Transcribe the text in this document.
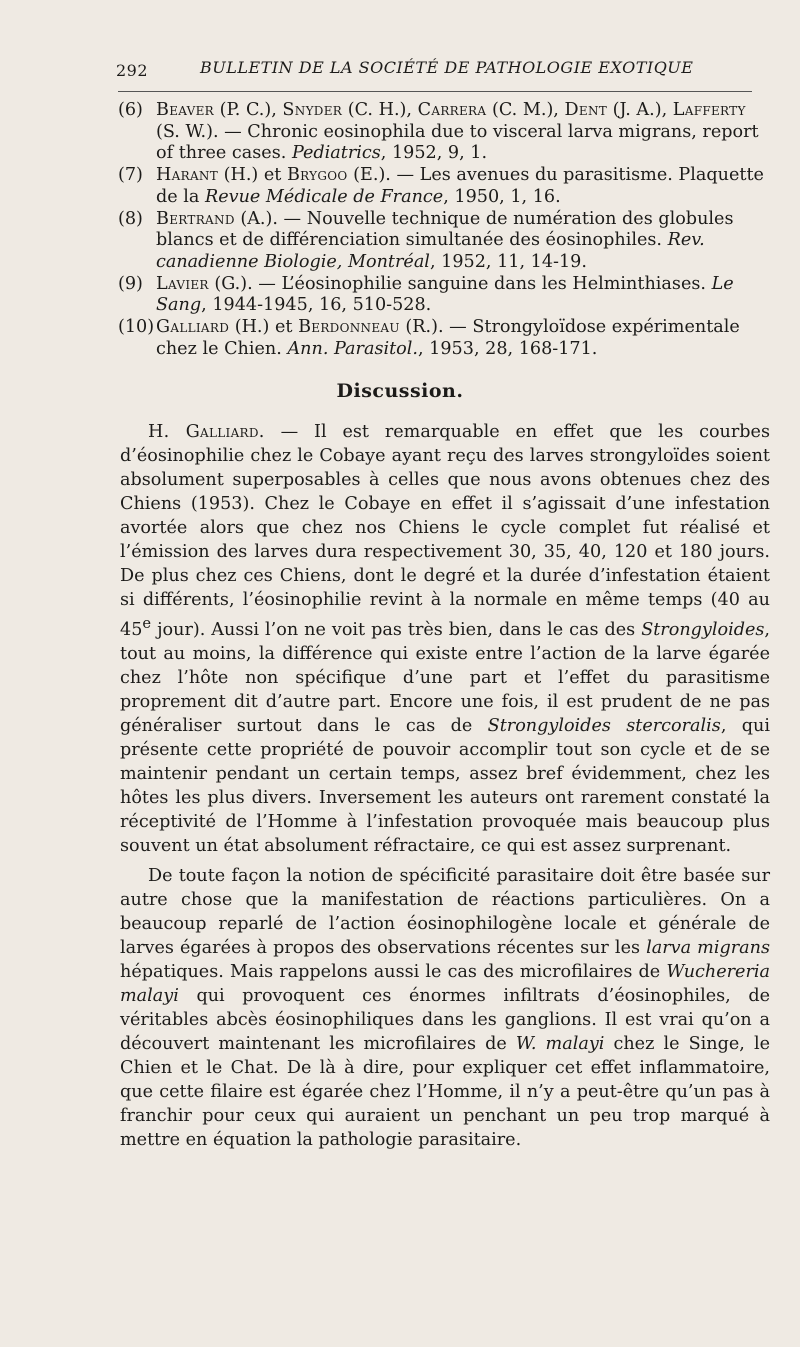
292	BULLETIN DE LA SOCIÉTÉ DE PATHOLOGIE EXOTIQUE

(6) Beaver (P. C.), Snyder (C. H.), Carrera (C. M.), Dent (J. A.), Lafferty (S. W.). — Chronic eosinophila due to visceral larva migrans, report of three cases. Pediatrics, 1952, 9, 1.

(7) Harant (H.) et Brygoo (E.). — Les avenues du parasitisme. Plaquette de la Revue Médicale de France, 1950, 1, 16.

(8) Bertrand (A.). — Nouvelle technique de numération des globules blancs et de différenciation simultanée des éosinophiles. Rev. canadienne Biologie, Montréal, 1952, 11, 14-19.

(9) Lavier (G.). — L’éosinophilie sanguine dans les Helminthiases. Le Sang, 1944-1945, 16, 510-528.

(10) Galliard (H.) et Berdonneau (R.). — Strongyloïdose expérimentale chez le Chien. Ann. Parasitol., 1953, 28, 168-171.

Discussion.

H. Galliard. — Il est remarquable en effet que les courbes d’éosinophilie chez le Cobaye ayant reçu des larves strongyloïdes soient absolument superposables à celles que nous avons obtenues chez des Chiens (1953). Chez le Cobaye en effet il s’agissait d’une infestation avortée alors que chez nos Chiens le cycle complet fut réalisé et l’émission des larves dura respectivement 30, 35, 40, 120 et 180 jours. De plus chez ces Chiens, dont le degré et la durée d’infestation étaient si différents, l’éosinophilie revint à la normale en même temps (40 au 45e jour). Aussi l’on ne voit pas très bien, dans le cas des Strongyloides, tout au moins, la différence qui existe entre l’action de la larve égarée chez l’hôte non spécifique d’une part et l’effet du parasitisme proprement dit d’autre part. Encore une fois, il est prudent de ne pas généraliser surtout dans le cas de Strongyloides stercoralis, qui présente cette propriété de pouvoir accomplir tout son cycle et de se maintenir pendant un certain temps, assez bref évidemment, chez les hôtes les plus divers. Inversement les auteurs ont rarement constaté la réceptivité de l’Homme à l’infestation provoquée mais beaucoup plus souvent un état absolument réfractaire, ce qui est assez surprenant.

De toute façon la notion de spécificité parasitaire doit être basée sur autre chose que la manifestation de réactions particulières. On a beaucoup reparlé de l’action éosinophilogène locale et générale de larves égarées à propos des observations récentes sur les larva migrans hépatiques. Mais rappelons aussi le cas des microfilaires de Wuchereria malayi qui provoquent ces énormes infiltrats d’éosinophiles, de véritables abcès éosinophiliques dans les ganglions. Il est vrai qu’on a découvert maintenant les microfilaires de W. malayi chez le Singe, le Chien et le Chat. De là à dire, pour expliquer cet effet inflammatoire, que cette filaire est égarée chez l’Homme, il n’y a peut-être qu’un pas à franchir pour ceux qui auraient un penchant un peu trop marqué à mettre en équation la pathologie parasitaire.
